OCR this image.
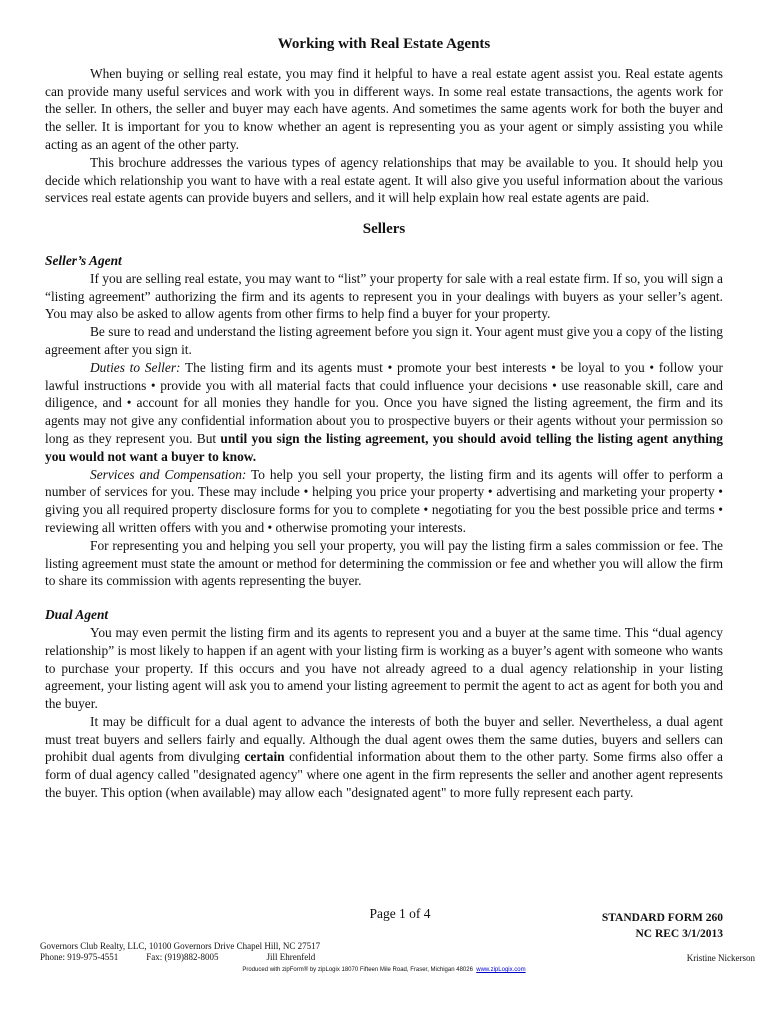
Working with Real Estate Agents

When buying or selling real estate, you may find it helpful to have a real estate agent assist you. Real estate agents can provide many useful services and work with you in different ways. In some real estate transactions, the agents work for the seller. In others, the seller and buyer may each have agents. And sometimes the same agents work for both the buyer and the seller. It is important for you to know whether an agent is representing you as your agent or simply assisting you while acting as an agent of the other party.

This brochure addresses the various types of agency relationships that may be available to you. It should help you decide which relationship you want to have with a real estate agent. It will also give you useful information about the various services real estate agents can provide buyers and sellers, and it will help explain how real estate agents are paid.

Sellers
Seller’s Agent

If you are selling real estate, you may want to “list” your property for sale with a real estate firm. If so, you will sign a “listing agreement” authorizing the firm and its agents to represent you in your dealings with buyers as your seller’s agent. You may also be asked to allow agents from other firms to help find a buyer for your property.

Be sure to read and understand the listing agreement before you sign it. Your agent must give you a copy of the listing agreement after you sign it.

Duties to Seller: The listing firm and its agents must • promote your best interests • be loyal to you • follow your lawful instructions • provide you with all material facts that could influence your decisions • use reasonable skill, care and diligence, and • account for all monies they handle for you. Once you have signed the listing agreement, the firm and its agents may not give any confidential information about you to prospective buyers or their agents without your permission so long as they represent you. But until you sign the listing agreement, you should avoid telling the listing agent anything you would not want a buyer to know.

Services and Compensation: To help you sell your property, the listing firm and its agents will offer to perform a number of services for you. These may include • helping you price your property • advertising and marketing your property • giving you all required property disclosure forms for you to complete • negotiating for you the best possible price and terms • reviewing all written offers with you and • otherwise promoting your interests.

For representing you and helping you sell your property, you will pay the listing firm a sales commission or fee. The listing agreement must state the amount or method for determining the commission or fee and whether you will allow the firm to share its commission with agents representing the buyer.

Dual Agent

You may even permit the listing firm and its agents to represent you and a buyer at the same time. This “dual agency relationship” is most likely to happen if an agent with your listing firm is working as a buyer’s agent with someone who wants to purchase your property. If this occurs and you have not already agreed to a dual agency relationship in your listing agreement, your listing agent will ask you to amend your listing agreement to permit the agent to act as agent for both you and the buyer.

It may be difficult for a dual agent to advance the interests of both the buyer and seller. Nevertheless, a dual agent must treat buyers and sellers fairly and equally. Although the dual agent owes them the same duties, buyers and sellers can prohibit dual agents from divulging certain confidential information about them to the other party. Some firms also offer a form of dual agency called "designated agency" where one agent in the firm represents the seller and another agent represents the buyer. This option (when available) may allow each "designated agent" to more fully represent each party.

Page 1 of 4	STANDARD FORM 260
NC REC 3/1/2013
Governors Club Realty, LLC, 10100 Governors Drive Chapel Hill, NC 27517
Phone: 919-975-4551	Fax: (919)882-8005	Jill Ehrenfeld	Kristine Nickerson
Produced with zipForm® by zipLogix 18070 Fifteen Mile Road, Fraser, Michigan 48026 www.zipLogix.com
